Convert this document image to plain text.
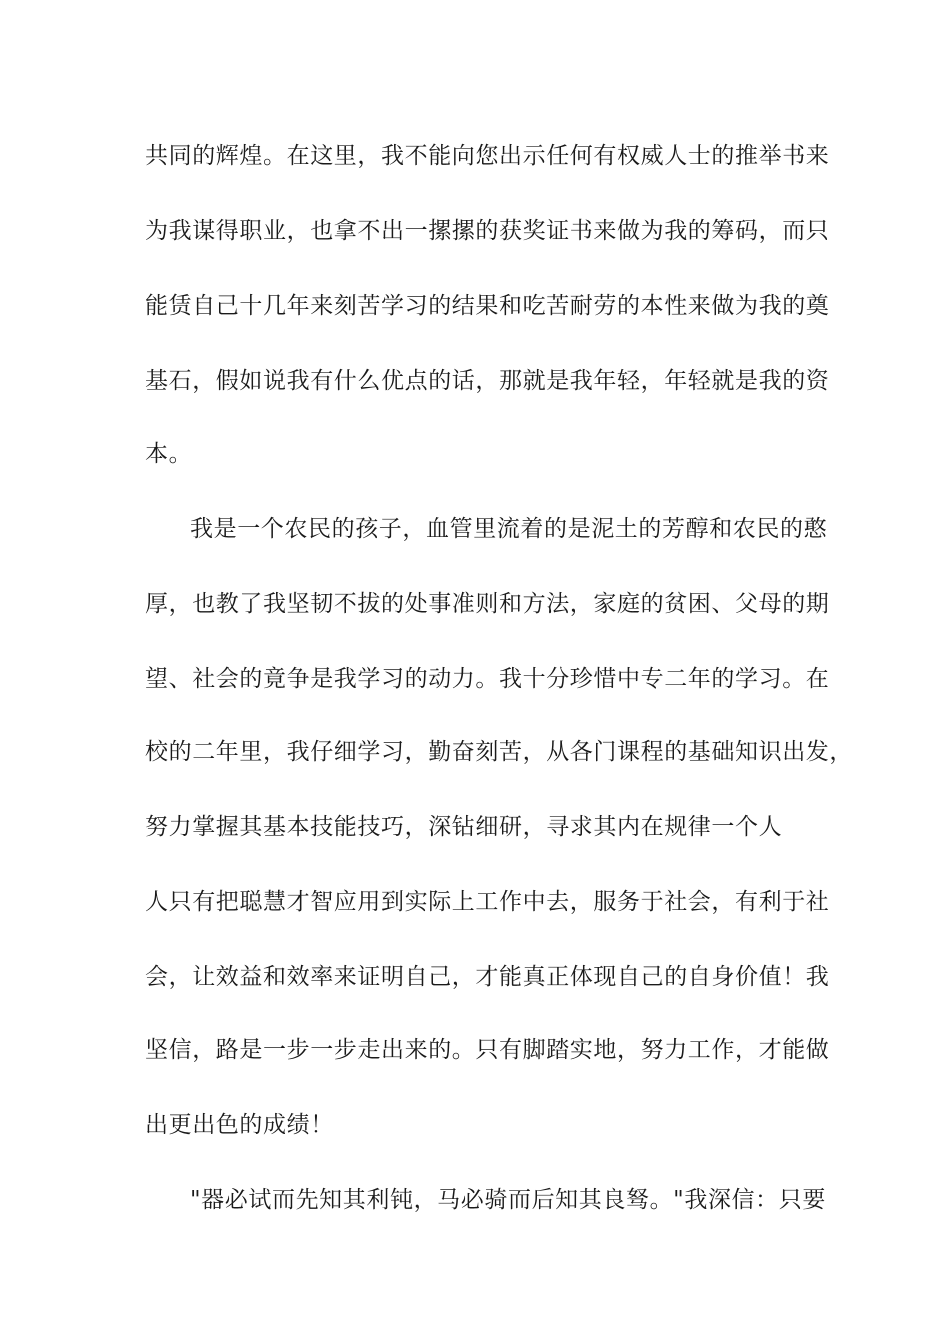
共同的辉煌。在这里，我不能向您出示任何有权威人士的推举书来
为我谋得职业，也拿不出一摞摞的获奖证书来做为我的筹码，而只
能赁自己十几年来刻苦学习的结果和吃苦耐劳的本性来做为我的奠
基石，假如说我有什么优点的话，那就是我年轻，年轻就是我的资
本。
我是一个农民的孩子，血管里流着的是泥土的芳醇和农民的憨
厚，也教了我坚韧不拔的处事准则和方法，家庭的贫困、父母的期
望、社会的竟争是我学习的动力。我十分珍惜中专二年的学习。在
校的二年里，我仔细学习，勤奋刻苦，从各门课程的基础知识出发，
努力掌握其基本技能技巧，深钻细研，寻求其内在规律一个人
人只有把聪慧才智应用到实际上工作中去，服务于社会，有利于社
会，让效益和效率来证明自己，才能真正体现自己的自身价值！我
坚信，路是一步一步走出来的。只有脚踏实地，努力工作，才能做
出更出色的成绩！
"器必试而先知其利钝，马必骑而后知其良驽。"我深信：只要
